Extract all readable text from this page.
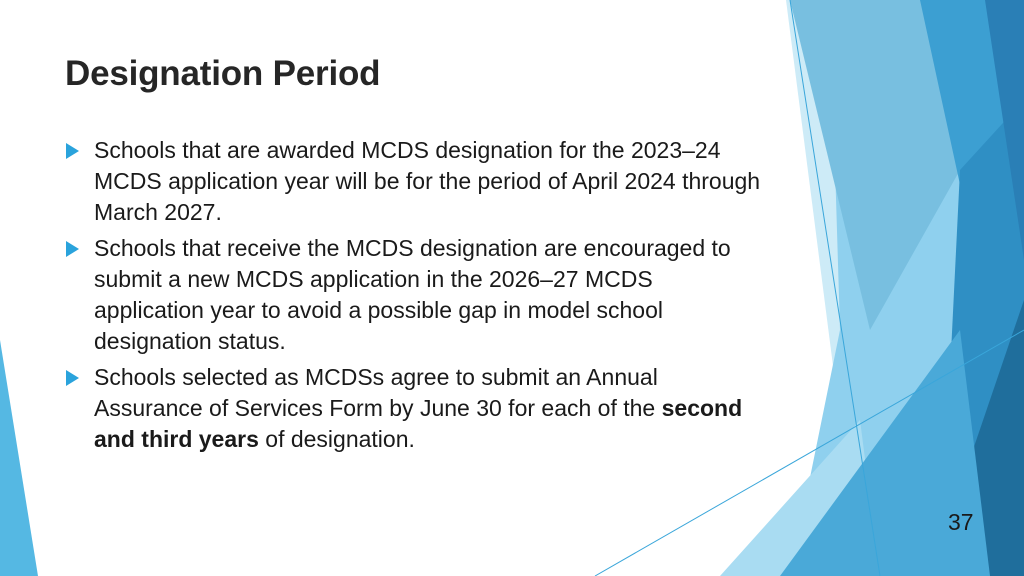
Designation Period
Schools that are awarded MCDS designation for the 2023–24 MCDS application year will be for the period of April 2024 through March 2027.
Schools that receive the MCDS designation are encouraged to submit a new MCDS application in the 2026–27 MCDS application year to avoid a possible gap in model school designation status.
Schools selected as MCDSs agree to submit an Annual Assurance of Services Form by June 30 for each of the second and third years of designation.
37
